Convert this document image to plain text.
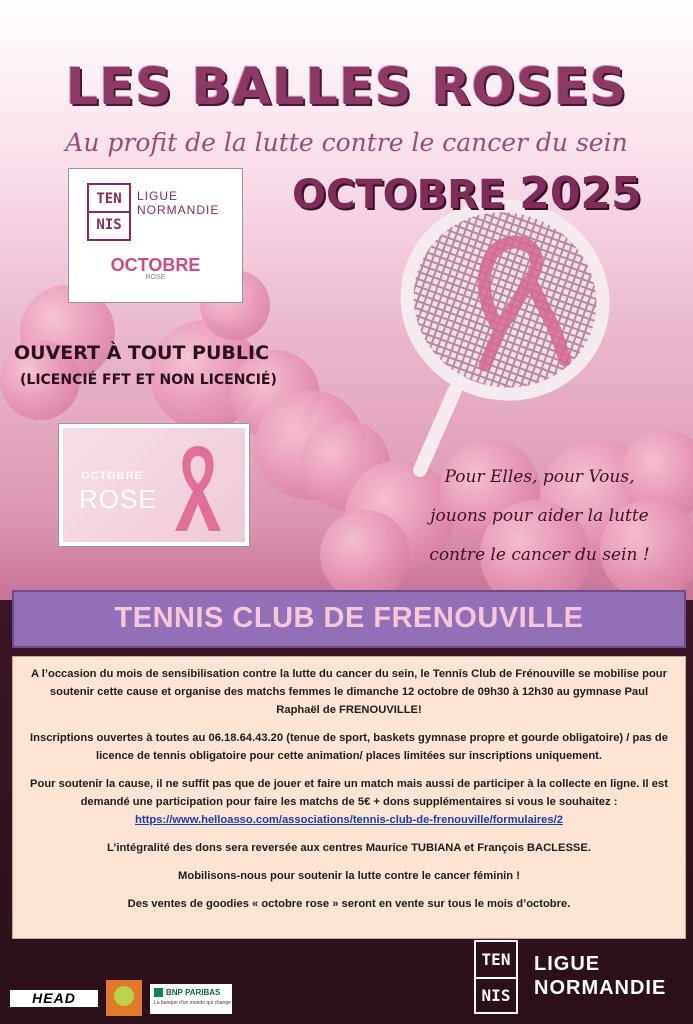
LES BALLES ROSES
Au profit de la lutte contre le cancer du sein
OCTOBRE 2025
TEN
NIS
LIGUE
NORMANDIE
OCTOBRE
ROSE
OUVERT À TOUT PUBLIC
(LICENCIÉ FFT ET NON LICENCIÉ)
OCTOBRE
ROSE
Pour Elles, pour Vous,
jouons pour aider la lutte
contre le cancer du sein !
TENNIS CLUB DE FRENOUVILLE

A l’occasion du mois de sensibilisation contre la lutte du cancer du sein, le Tennis Club de Frénouville se mobilise pour soutenir cette cause et organise des matchs femmes le dimanche 12 octobre de 09h30 à 12h30 au gymnase Paul Raphaël de FRENOUVILLE!

Inscriptions ouvertes à toutes au 06.18.64.43.20 (tenue de sport, baskets gymnase propre et gourde obligatoire) / pas de licence de tennis obligatoire pour cette animation/ places limitées sur inscriptions uniquement.

Pour soutenir la cause, il ne suffit pas que de jouer et faire un match mais aussi de participer à la collecte en ligne. Il est demandé une participation pour faire les matchs de 5€ + dons supplémentaires si vous le souhaitez :
https://www.helloasso.com/associations/tennis-club-de-frenouville/formulaires/2

L’intégralité des dons sera reversée aux centres Maurice TUBIANA et François BACLESSE.

Mobilisons-nous pour soutenir la lutte contre le cancer féminin !

Des ventes de goodies « octobre rose » seront en vente sur tous le mois d’octobre.

HEAD	BNP PARIBAS
La banque d'un monde qui change
TEN
NIS
LIGUE
NORMANDIE
